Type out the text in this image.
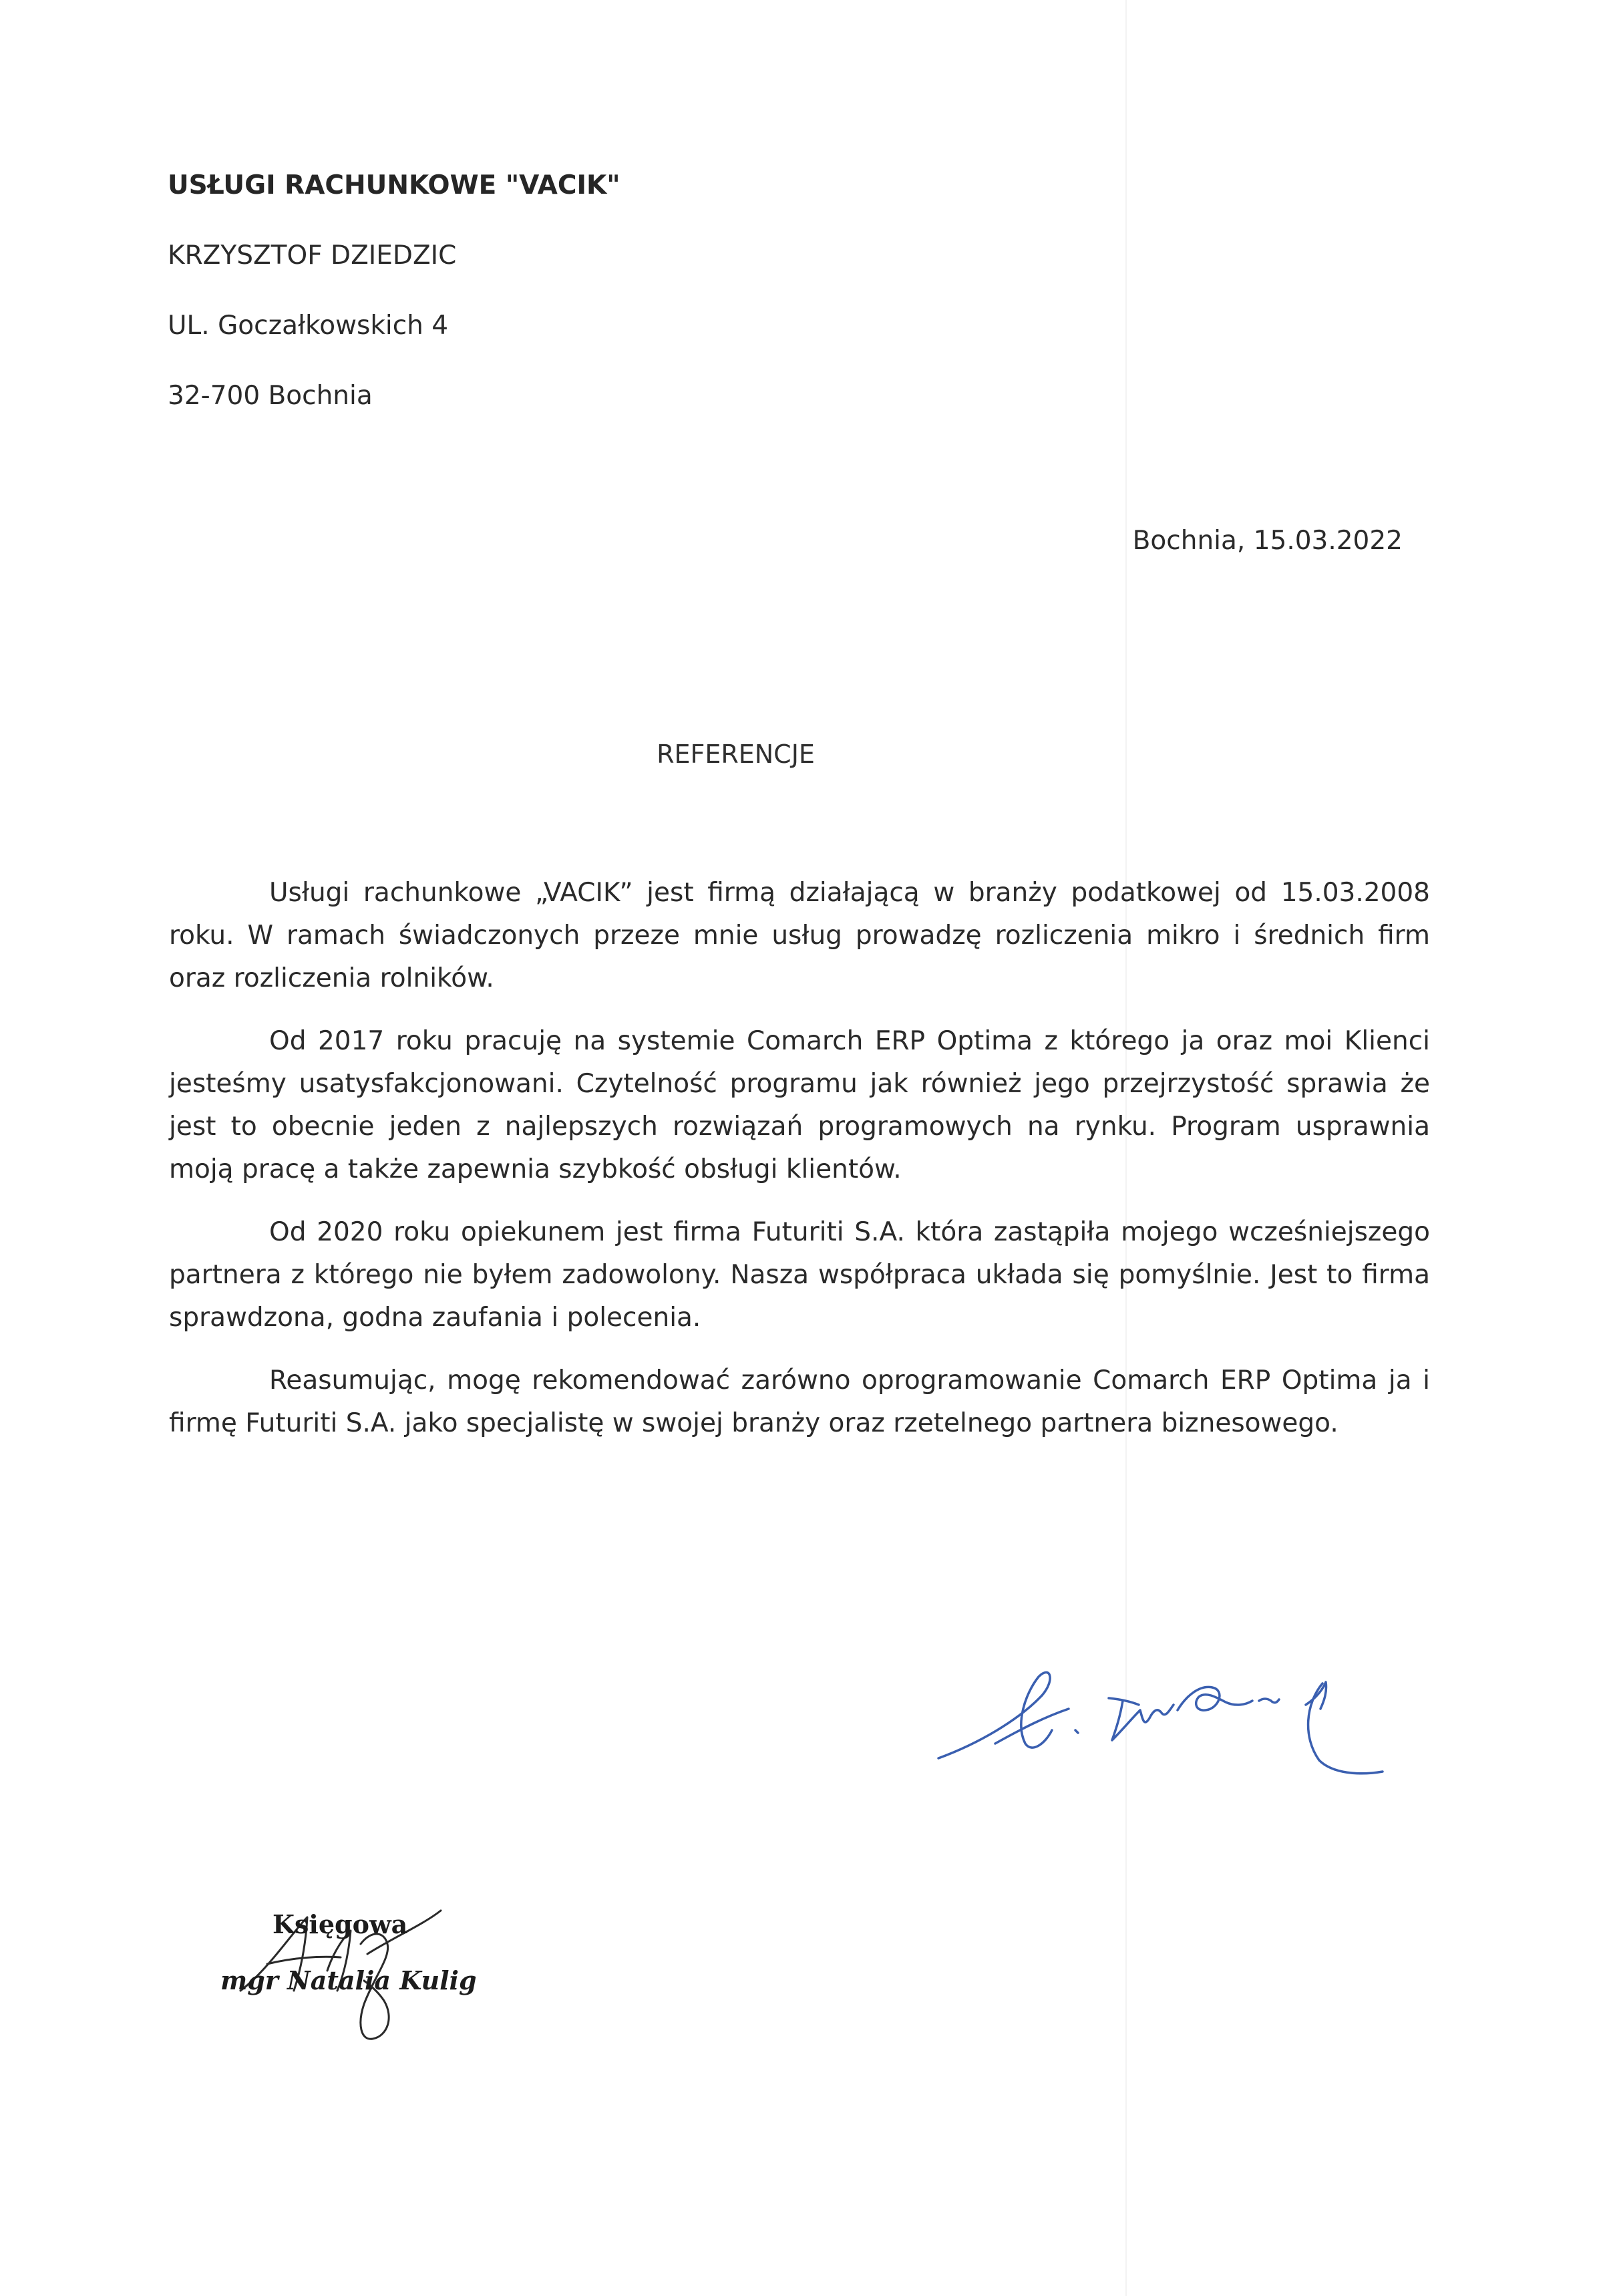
USŁUGI RACHUNKOWE "VACIK"
KRZYSZTOF DZIEDZIC
UL. Goczałkowskich 4
32-700 Bochnia
Bochnia, 15.03.2022
REFERENCJE

Usługi rachunkowe „VACIK” jest firmą działającą w branży podatkowej od 15.03.2008 roku. W ramach świadczonych przeze mnie usług prowadzę rozliczenia mikro i średnich firm oraz rozliczenia rolników.

Od 2017 roku pracuję na systemie Comarch ERP Optima z którego ja oraz moi Klienci jesteśmy usatysfakcjonowani. Czytelność programu jak również jego przejrzystość sprawia że jest to obecnie jeden z najlepszych rozwiązań programowych na rynku. Program usprawnia moją pracę a także zapewnia szybkość obsługi klientów.

Od 2020 roku opiekunem jest firma Futuriti S.A. która zastąpiła mojego wcześniejszego partnera z którego nie byłem zadowolony. Nasza współpraca układa się pomyślnie. Jest to firma sprawdzona, godna zaufania i polecenia.

Reasumując, mogę rekomendować zarówno oprogramowanie Comarch ERP Optima ja i firmę Futuriti S.A. jako specjalistę w swojej branży oraz rzetelnego partnera biznesowego.

Księgowa
mgr Natalia Kulig
